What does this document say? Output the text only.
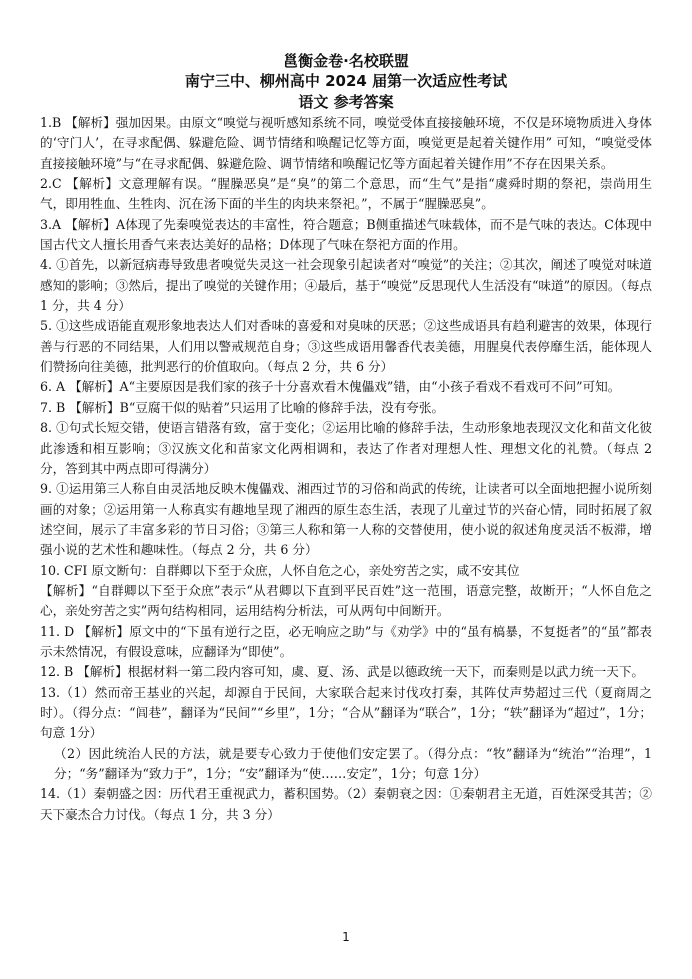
邕衡金卷·名校联盟
南宁三中、柳州高中 2024 届第一次适应性考试
语文 参考答案

1.B 【解析】强加因果。由原文“嗅觉与视听感知系统不同，嗅觉受体直接接触环境，不仅是环境物质进入身体的‘守门人’，在寻求配偶、躲避危险、调节情绪和唤醒记忆等方面，嗅觉更是起着关键作用” 可知，“嗅觉受体直接接触环境”与“在寻求配偶、躲避危险、调节情绪和唤醒记忆等方面起着关键作用”不存在因果关系。

2.C 【解析】文意理解有误。“腥臊恶臭”是“臭”的第二个意思，而“生气”是指“虞舜时期的祭祀，崇尚用生气，即用牲血、生牲肉、沉在汤下面的半生的肉块来祭祀。”，不属于“腥臊恶臭”。

3.A 【解析】A体现了先秦嗅觉表达的丰富性，符合题意；B侧重描述气味载体，而不是气味的表达。C体现中国古代文人擅长用香气来表达美好的品格；D体现了气味在祭祀方面的作用。

4. ①首先，以新冠病毒导致患者嗅觉失灵这一社会现象引起读者对“嗅觉”的关注；②其次，阐述了嗅觉对味道感知的影响；③然后，提出了嗅觉的关键作用；④最后，基于“嗅觉”反思现代人生活没有“味道”的原因。（每点 1 分，共 4 分）

5. ①这些成语能直观形象地表达人们对香味的喜爱和对臭味的厌恶；②这些成语具有趋利避害的效果，体现行善与行恶的不同结果，人们用以警戒规范自身；③这些成语用馨香代表美德，用腥臭代表停靡生活，能体现人们赞扬向往美德，批判恶行的价值取向。（每点 2 分，共 6 分）

6. A 【解析】A“主要原因是我们家的孩子十分喜欢看木傀儡戏”错，由“小孩子看戏不看戏可不问”可知。

7. B 【解析】B“豆腐干似的贴着”只运用了比喻的修辞手法，没有夸张。

8. ①句式长短交错，使语言错落有致，富于变化；②运用比喻的修辞手法，生动形象地表现汉文化和苗文化彼此渗透和相互影响；③汉族文化和苗家文化两相调和，表达了作者对理想人性、理想文化的礼赞。（每点 2 分，答到其中两点即可得满分）

9. ①运用第三人称自由灵活地反映木傀儡戏、湘西过节的习俗和尚武的传统，让读者可以全面地把握小说所刻画的对象；②运用第一人称真实有趣地呈现了湘西的原生态生活，表现了儿童过节的兴奋心情，同时拓展了叙述空间，展示了丰富多彩的节日习俗；③第三人称和第一人称的交替使用，使小说的叙述角度灵活不板滞，增强小说的艺术性和趣味性。（每点 2 分，共 6 分）

10. CFI 原文断句：自群卿以下至于众庶，人怀自危之心，亲处穷苦之实，咸不安其位

【解析】“自群卿以下至于众庶”表示“从君卿以下直到平民百姓”这一范围，语意完整，故断开；“人怀自危之心，亲处穷苦之实”两句结构相同，运用结构分析法，可从两句中间断开。

11. D 【解析】原文中的“下虽有逆行之臣，必无响应之助”与《劝学》中的“虽有槁暴，不复挺者”的“虽”都表示未然情况，有假设意味，应翻译为“即使”。

12. B 【解析】根据材料一第二段内容可知，虞、夏、汤、武是以德政统一天下，而秦则是以武力统一天下。

13.（1）然而帝王基业的兴起，却源自于民间，大家联合起来讨伐攻打秦，其阵仗声势超过三代（夏商周之时）。（得分点：“闾巷”，翻译为“民间”“乡里”，1分；“合从”翻译为“联合”，1分；“轶”翻译为“超过”，1分；句意 1分）

（2）因此统治人民的方法，就是要专心致力于使他们安定罢了。（得分点：“牧”翻译为“统治”“治理”，1分；“务”翻译为“致力于”，1分；“安”翻译为“使……安定”，1分；句意 1分）

14.（1）秦朝盛之因：历代君王重视武力，蓄积国势。（2）秦朝衰之因：①秦朝君主无道，百姓深受其苦；②天下豪杰合力讨伐。（每点 1 分，共 3 分）

1
